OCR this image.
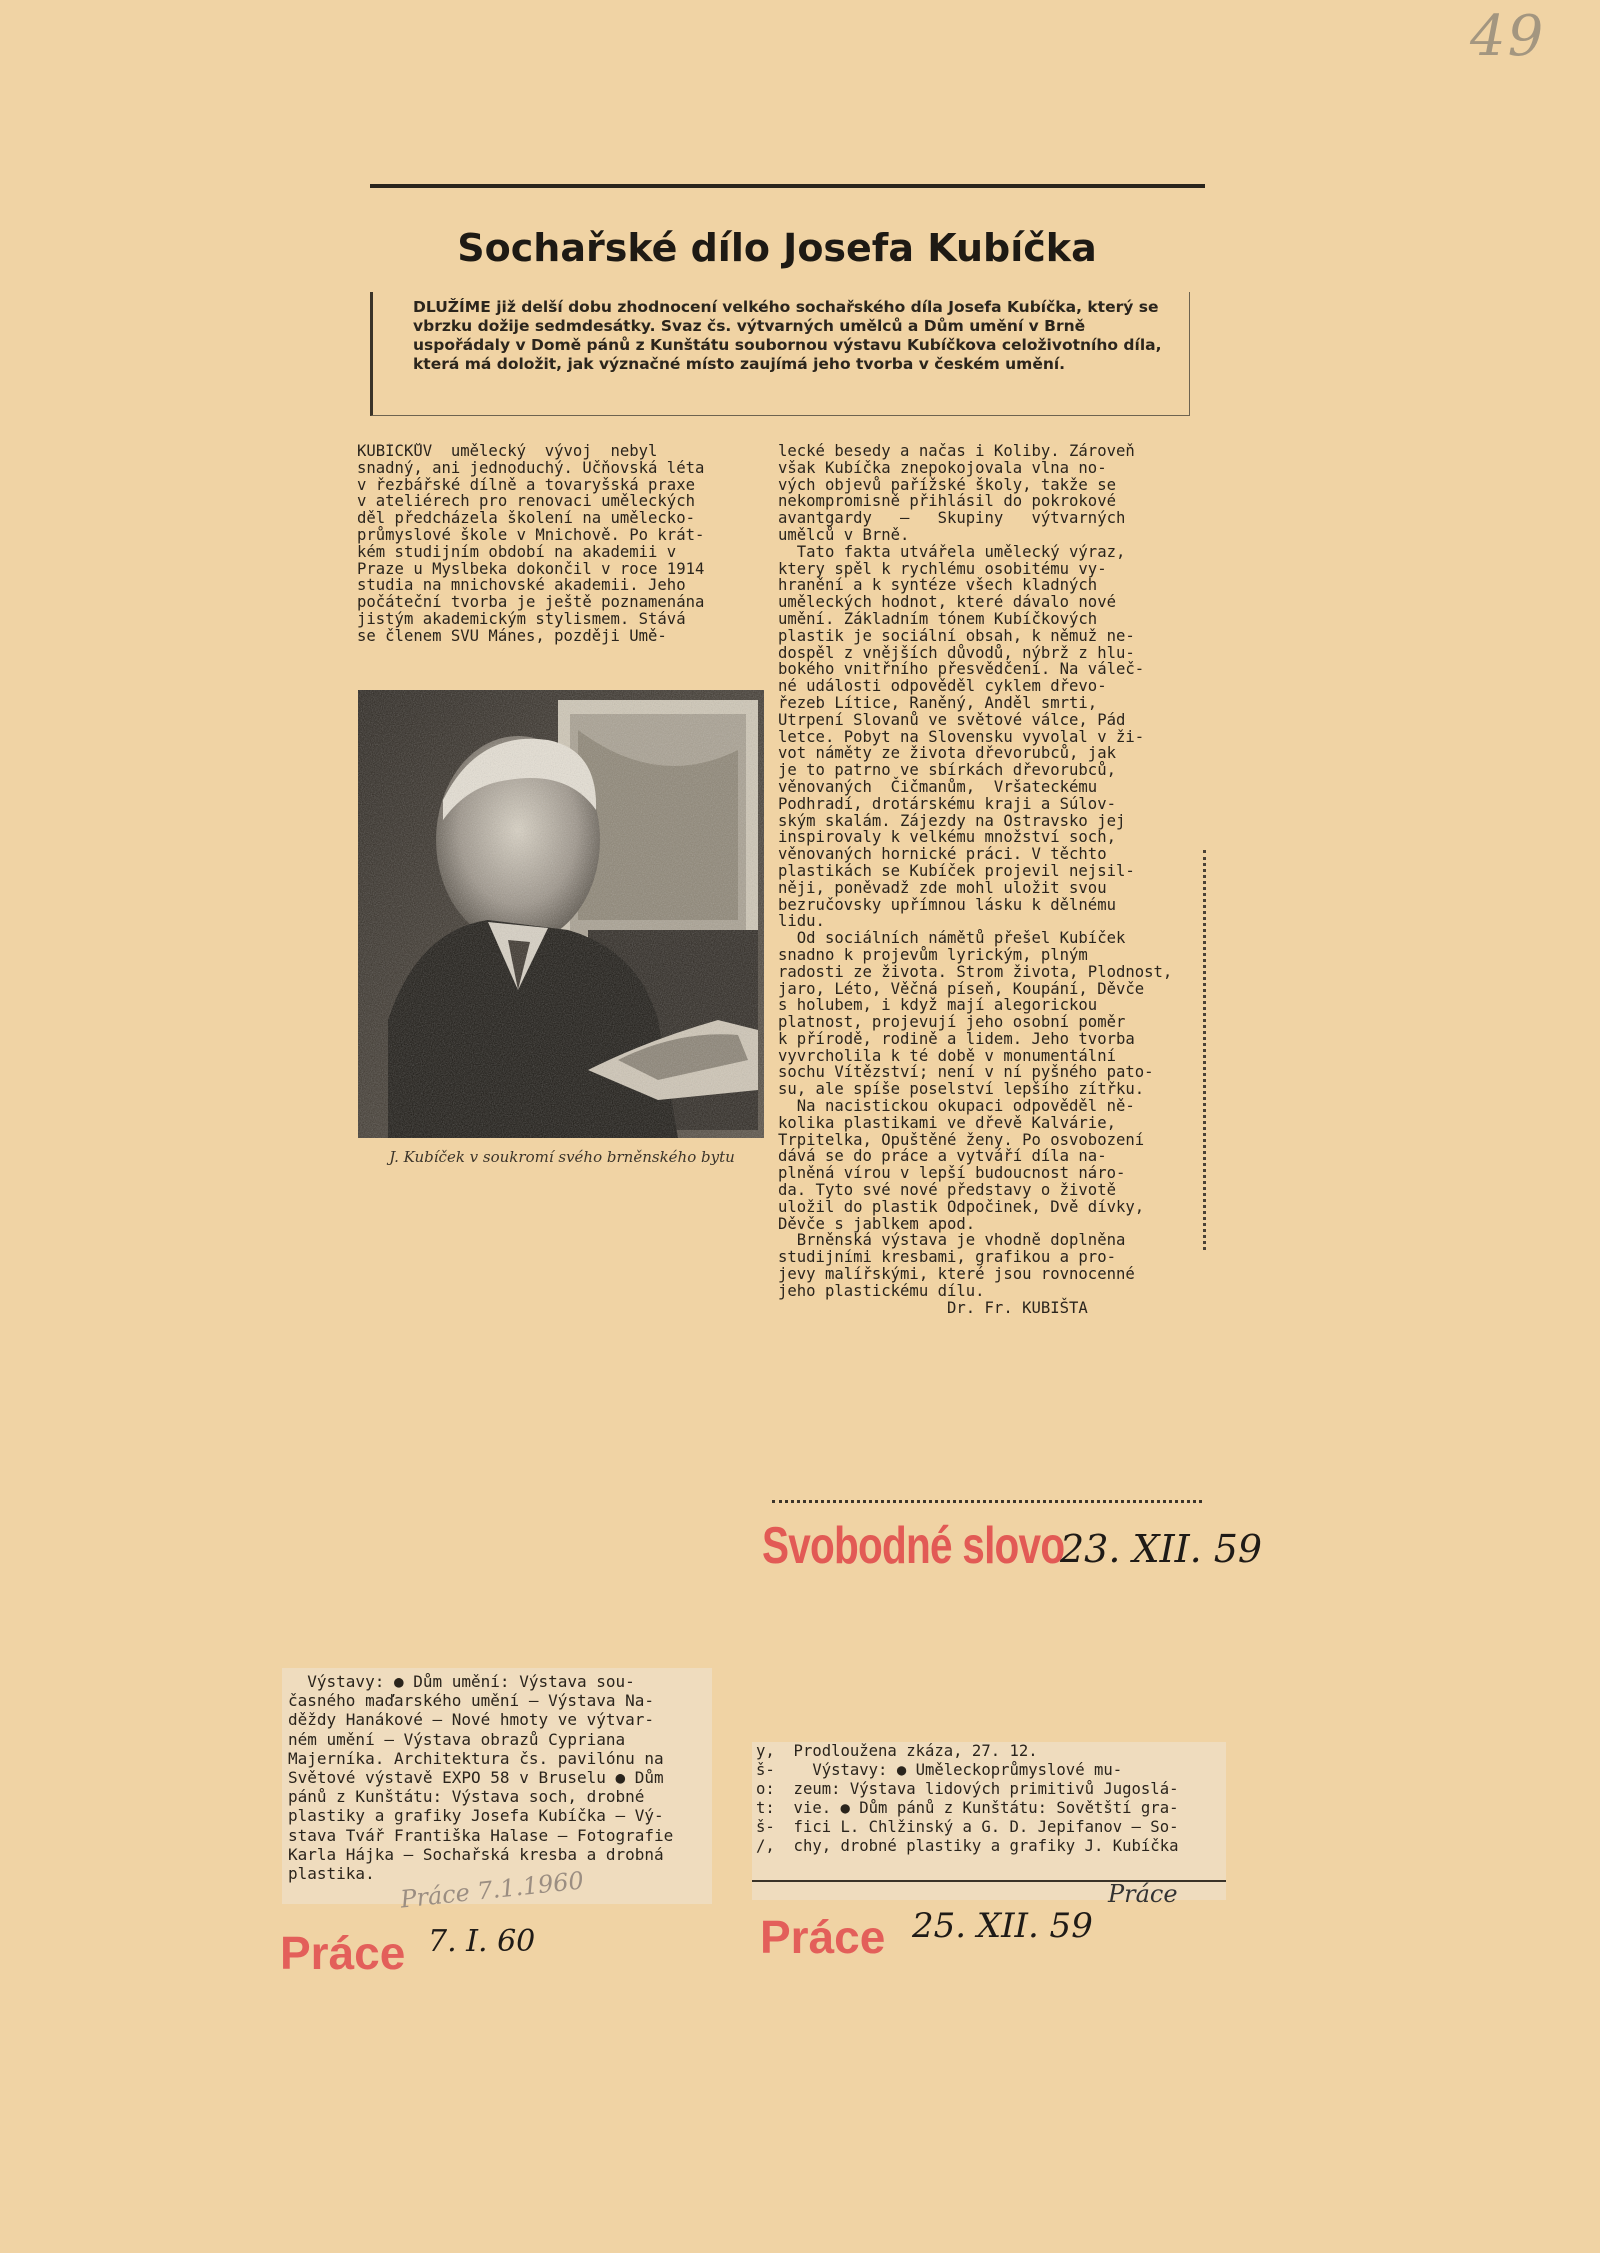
49
Sochařské dílo Josefa Kubíčka
DLUŽÍME již delší dobu zhodnocení velkého sochařského díla Josefa Kubíčka, který se vbrzku dožije sedmdesátky. Svaz čs. výtvarných umělců a Dům umění v Brně uspořádaly v Domě pánů z Kunštátu soubornou výstavu Kubíčkova celoživotního díla, která má doložit, jak význačné místo zaujímá jeho tvorba v českém umění.
KUBÍČKŮV  umělecký  vývoj  nebyl
snadný, ani jednoduchý. Učňovská léta
v řezbářské dílně a tovaryšská praxe
v ateliérech pro renovaci uměleckých
děl předcházela školení na umělecko-
průmyslové škole v Mnichově. Po krát-
kém studijním období na akademii v
Praze u Myslbeka dokončil v roce 1914
studia na mnichovské akademii. Jeho
počáteční tvorba je ještě poznamenána
jistým akademickým stylismem. Stává
se členem SVU Mánes, později Umě-
J. Kubíček v soukromí svého brněnského bytu
lecké besedy a načas i Koliby. Zároveň
však Kubíčka znepokojovala vlna no-
vých objevů pařížské školy, takže se
nekompromisně přihlásil do pokrokové
avantgardy   —   Skupiny   výtvarných
umělců v Brně.
Tato fakta utvářela umělecký výraz,
ktery spěl k rychlému osobitému vy-
hranění a k syntéze všech kladných
uměleckých hodnot, které dávalo nové
umění. Základním tónem Kubíčkových
plastik je sociální obsah, k němuž ne-
dospěl z vnějších důvodů, nýbrž z hlu-
bokého vnitřního přesvědčení. Na váleč-
né události odpověděl cyklem dřevo-
řezeb Lítice, Raněný, Anděl smrti,
Utrpení Slovanů ve světové válce, Pád
letce. Pobyt na Slovensku vyvolal v ži-
vot náměty ze života dřevorubců, jak
je to patrno ve sbírkách dřevorubců,
věnovaných  Čičmanům,  Vršateckému
Podhradí, drotárskému kraji a Súlov-
ským skalám. Zájezdy na Ostravsko jej
inspirovaly k velkému množství soch,
věnovaných hornické práci. V těchto
plastikách se Kubíček projevil nejsil-
něji, poněvadž zde mohl uložit svou
bezručovsky upřímnou lásku k dělnému
lidu.
Od sociálních námětů přešel Kubíček
snadno k projevům lyrickým, plným
radosti ze života. Strom života, Plodnost,
jaro, Léto, Věčná píseň, Koupání, Děvče
s holubem, i když mají alegorickou
platnost, projevují jeho osobní poměr
k přírodě, rodině a lidem. Jeho tvorba
vyvrcholila k té době v monumentální
sochu Vítězství; není v ní pyšného pato-
su, ale spíše poselství lepšího zítřku.
Na nacistickou okupaci odpověděl ně-
kolika plastikami ve dřevě Kalvárie,
Trpitelka, Opuštěné ženy. Po osvobození
dává se do práce a vytváří díla na-
plněná vírou v lepší budoucnost náro-
da. Tyto své nové představy o životě
uložil do plastik Odpočinek, Dvě dívky,
Děvče s jablkem apod.
Brněnská výstava je vhodně doplněna
studijními kresbami, grafikou a pro-
jevy malířskými, které jsou rovnocenné
jeho plastickému dílu.
Dr. Fr. KUBIŠTA
Svobodné slovo
23. XII. 59
Výstavy: ● Dům umění: Výstava sou-
časného maďarského umění — Výstava Na-
děždy Hanákové — Nové hmoty ve výtvar-
ném umění — Výstava obrazů Cypriana
Majerníka. Architektura čs. pavilónu na
Světové výstavě EXPO 58 v Bruselu ● Dům
pánů z Kunštátu: Výstava soch, drobné
plastiky a grafiky Josefa Kubíčka — Vý-
stava Tvář Františka Halase — Fotografie
Karla Hájka — Sochařská kresba a drobná
plastika.	Práce 7.1.1960
Práce 7. I. 60
y,  Prodloužena zkáza, 27. 12.
š-    Výstavy: ● Uměleckoprůmyslové mu-
o:  zeum: Výstava lidových primitivů Jugoslá-
t:  vie. ● Dům pánů z Kunštátu: Sovětští gra-
š-  fici L. Chlžinský a G. D. Jepifanov — So-
/,  chy, drobné plastiky a grafiky J. Kubíčka
Práce
Práce 25. XII. 59
